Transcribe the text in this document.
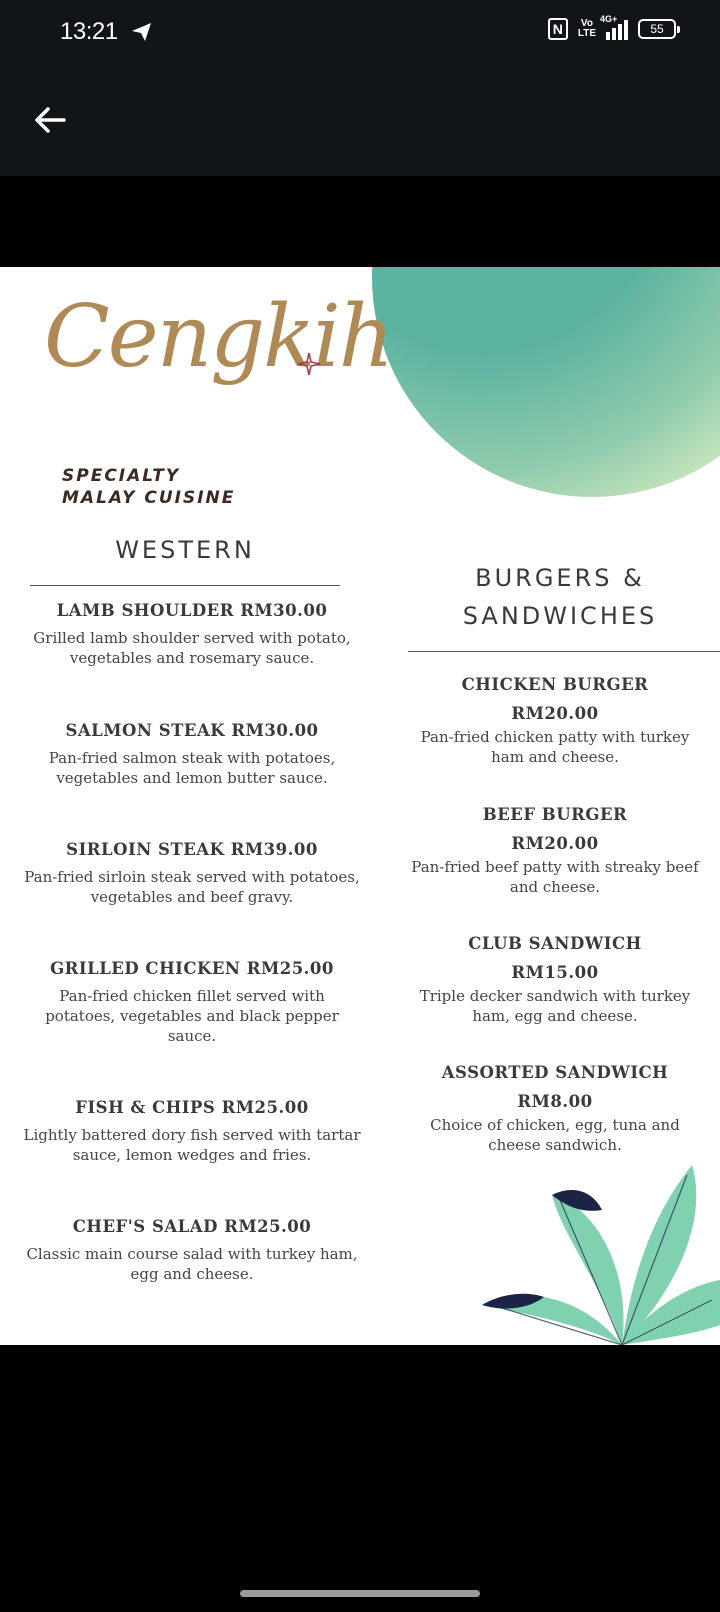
13:21	N	Vo
LTE
4G+
55
Cengkih
SPECIALTY
MALAY CUISINE
WESTERN
LAMB SHOULDER RM30.00
Grilled lamb shoulder served with potato, vegetables and rosemary sauce.
SALMON STEAK RM30.00
Pan-fried salmon steak with potatoes, vegetables and lemon butter sauce.
SIRLOIN STEAK RM39.00
Pan-fried sirloin steak served with potatoes, vegetables and beef gravy.
GRILLED CHICKEN RM25.00
Pan-fried chicken fillet served with potatoes, vegetables and black pepper sauce.
FISH & CHIPS RM25.00
Lightly battered dory fish served with tartar sauce, lemon wedges and fries.
CHEF'S SALAD RM25.00
Classic main course salad with turkey ham, egg and cheese.
BURGERS &
SANDWICHES
CHICKEN BURGER
RM20.00
Pan-fried chicken patty with turkey ham and cheese.
BEEF BURGER
RM20.00
Pan-fried beef patty with streaky beef and cheese.
CLUB SANDWICH
RM15.00
Triple decker sandwich with turkey ham, egg and cheese.
ASSORTED SANDWICH
RM8.00
Choice of chicken, egg, tuna and cheese sandwich.
